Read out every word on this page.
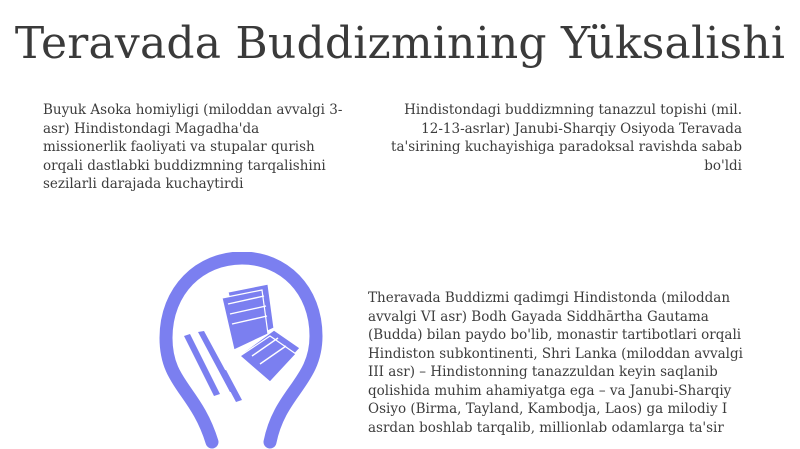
Teravada Buddizmining Yüksalishi
Buyuk Asoka homiyligi (miloddan avvalgi 3-asr) Hindistondagi Magadha'da missionerlik faoliyati va stupalar qurish orqali dastlabki buddizmning tarqalishini sezilarli darajada kuchaytirdi
Hindistondagi buddizmning tanazzul topishi (mil. 12-13-asrlar) Janubi-Sharqiy Osiyoda Teravada ta'sirining kuchayishiga paradoksal ravishda sabab bo'ldi
Theravada Buddizmi qadimgi Hindistonda (miloddan avvalgi VI asr) Bodh Gayada Siddhārtha Gautama (Budda) bilan paydo bo'lib, monastir tartibotlari orqali Hindiston subkontinenti, Shri Lanka (miloddan avvalgi III asr) – Hindistonning tanazzuldan keyin saqlanib qolishida muhim ahamiyatga ega – va Janubi-Sharqiy Osiyo (Birma, Tayland, Kambodja, Laos) ga milodiy I asrdan boshlab tarqalib, millionlab odamlarga ta'sir
